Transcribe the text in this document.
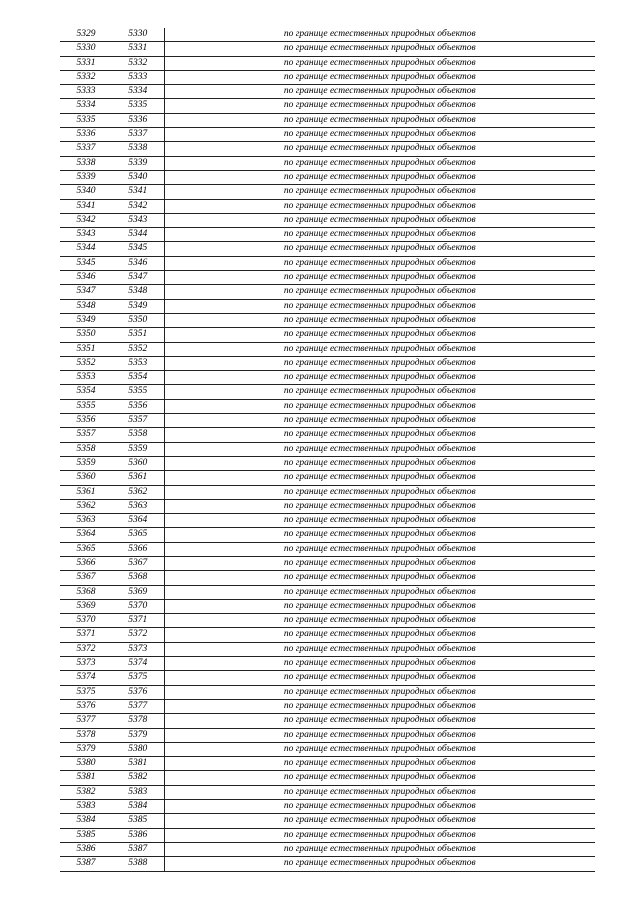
5329	5330	по границе естественных природных объектов
5330	5331	по границе естественных природных объектов
5331	5332	по границе естественных природных объектов
5332	5333	по границе естественных природных объектов
5333	5334	по границе естественных природных объектов
5334	5335	по границе естественных природных объектов
5335	5336	по границе естественных природных объектов
5336	5337	по границе естественных природных объектов
5337	5338	по границе естественных природных объектов
5338	5339	по границе естественных природных объектов
5339	5340	по границе естественных природных объектов
5340	5341	по границе естественных природных объектов
5341	5342	по границе естественных природных объектов
5342	5343	по границе естественных природных объектов
5343	5344	по границе естественных природных объектов
5344	5345	по границе естественных природных объектов
5345	5346	по границе естественных природных объектов
5346	5347	по границе естественных природных объектов
5347	5348	по границе естественных природных объектов
5348	5349	по границе естественных природных объектов
5349	5350	по границе естественных природных объектов
5350	5351	по границе естественных природных объектов
5351	5352	по границе естественных природных объектов
5352	5353	по границе естественных природных объектов
5353	5354	по границе естественных природных объектов
5354	5355	по границе естественных природных объектов
5355	5356	по границе естественных природных объектов
5356	5357	по границе естественных природных объектов
5357	5358	по границе естественных природных объектов
5358	5359	по границе естественных природных объектов
5359	5360	по границе естественных природных объектов
5360	5361	по границе естественных природных объектов
5361	5362	по границе естественных природных объектов
5362	5363	по границе естественных природных объектов
5363	5364	по границе естественных природных объектов
5364	5365	по границе естественных природных объектов
5365	5366	по границе естественных природных объектов
5366	5367	по границе естественных природных объектов
5367	5368	по границе естественных природных объектов
5368	5369	по границе естественных природных объектов
5369	5370	по границе естественных природных объектов
5370	5371	по границе естественных природных объектов
5371	5372	по границе естественных природных объектов
5372	5373	по границе естественных природных объектов
5373	5374	по границе естественных природных объектов
5374	5375	по границе естественных природных объектов
5375	5376	по границе естественных природных объектов
5376	5377	по границе естественных природных объектов
5377	5378	по границе естественных природных объектов
5378	5379	по границе естественных природных объектов
5379	5380	по границе естественных природных объектов
5380	5381	по границе естественных природных объектов
5381	5382	по границе естественных природных объектов
5382	5383	по границе естественных природных объектов
5383	5384	по границе естественных природных объектов
5384	5385	по границе естественных природных объектов
5385	5386	по границе естественных природных объектов
5386	5387	по границе естественных природных объектов
5387	5388	по границе естественных природных объектов
